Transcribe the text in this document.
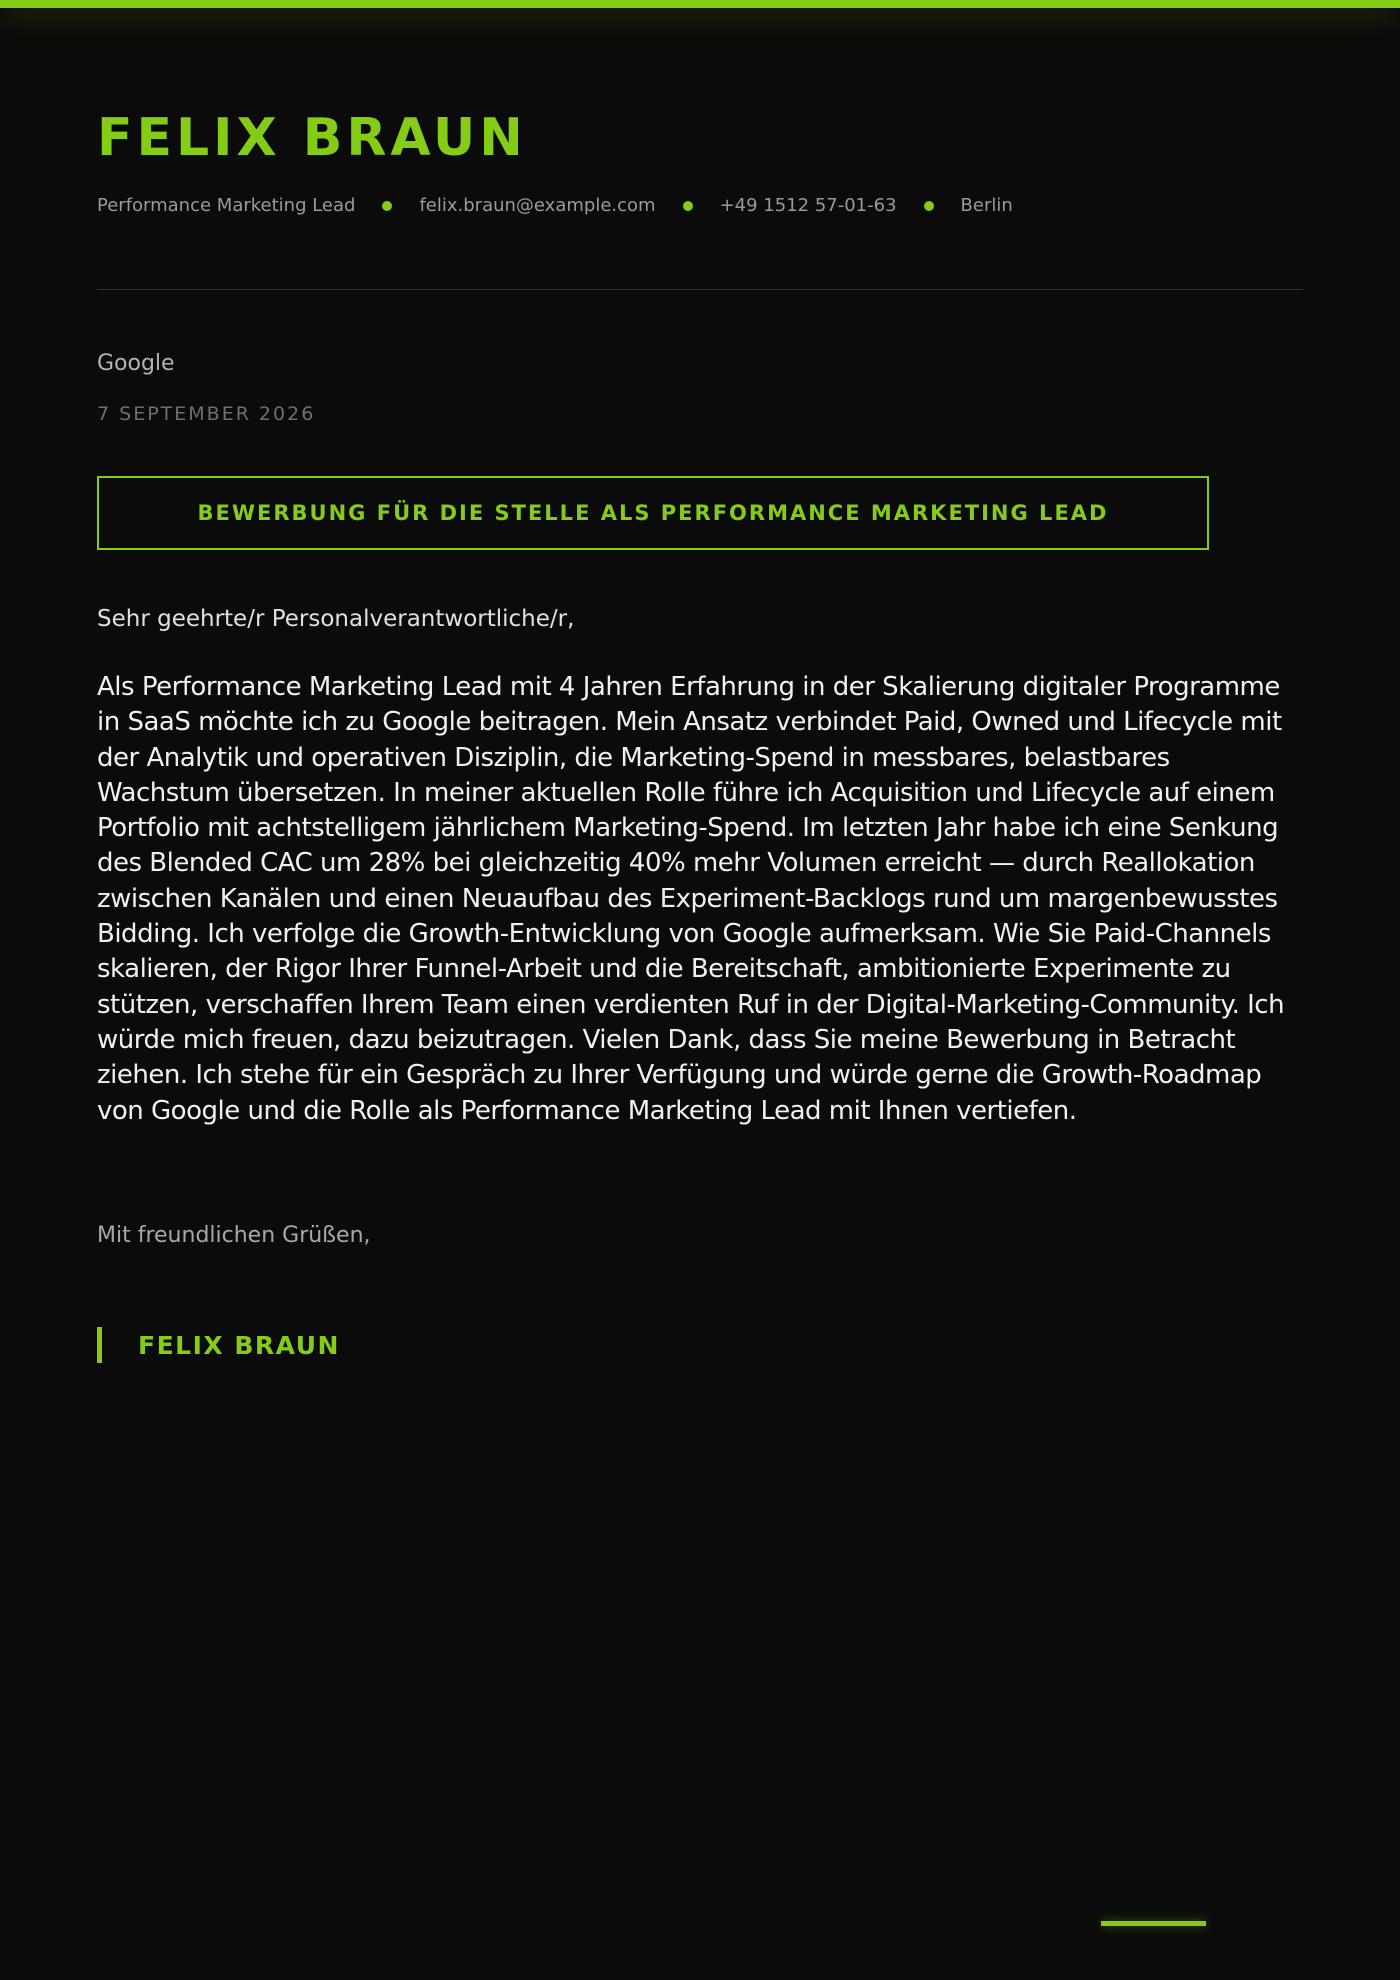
FELIX BRAUN
Performance Marketing Lead	felix.braun@example.com	+49 1512 57-01-63	Berlin
Google
7 SEPTEMBER 2026
BEWERBUNG FÜR DIE STELLE ALS PERFORMANCE MARKETING LEAD
Sehr geehrte/r Personalverantwortliche/r,

Als Performance Marketing Lead mit 4 Jahren Erfahrung in der Skalierung digitaler Programme in SaaS möchte ich zu Google beitragen. Mein Ansatz verbindet Paid, Owned und Lifecycle mit der Analytik und operativen Disziplin, die Marketing-Spend in messbares, belastbares Wachstum übersetzen. In meiner aktuellen Rolle führe ich Acquisition und Lifecycle auf einem Portfolio mit achtstelligem jährlichem Marketing-Spend. Im letzten Jahr habe ich eine Senkung des Blended CAC um 28% bei gleichzeitig 40% mehr Volumen erreicht — durch Reallokation zwischen Kanälen und einen Neuaufbau des Experiment-Backlogs rund um margenbewusstes Bidding. Ich verfolge die Growth-Entwicklung von Google aufmerksam. Wie Sie Paid-Channels skalieren, der Rigor Ihrer Funnel-Arbeit und die Bereitschaft, ambitionierte Experimente zu stützen, verschaffen Ihrem Team einen verdienten Ruf in der Digital-Marketing-Community. Ich würde mich freuen, dazu beizutragen. Vielen Dank, dass Sie meine Bewerbung in Betracht ziehen. Ich stehe für ein Gespräch zu Ihrer Verfügung und würde gerne die Growth-Roadmap von Google und die Rolle als Performance Marketing Lead mit Ihnen vertiefen.

Mit freundlichen Grüßen,
FELIX BRAUN
